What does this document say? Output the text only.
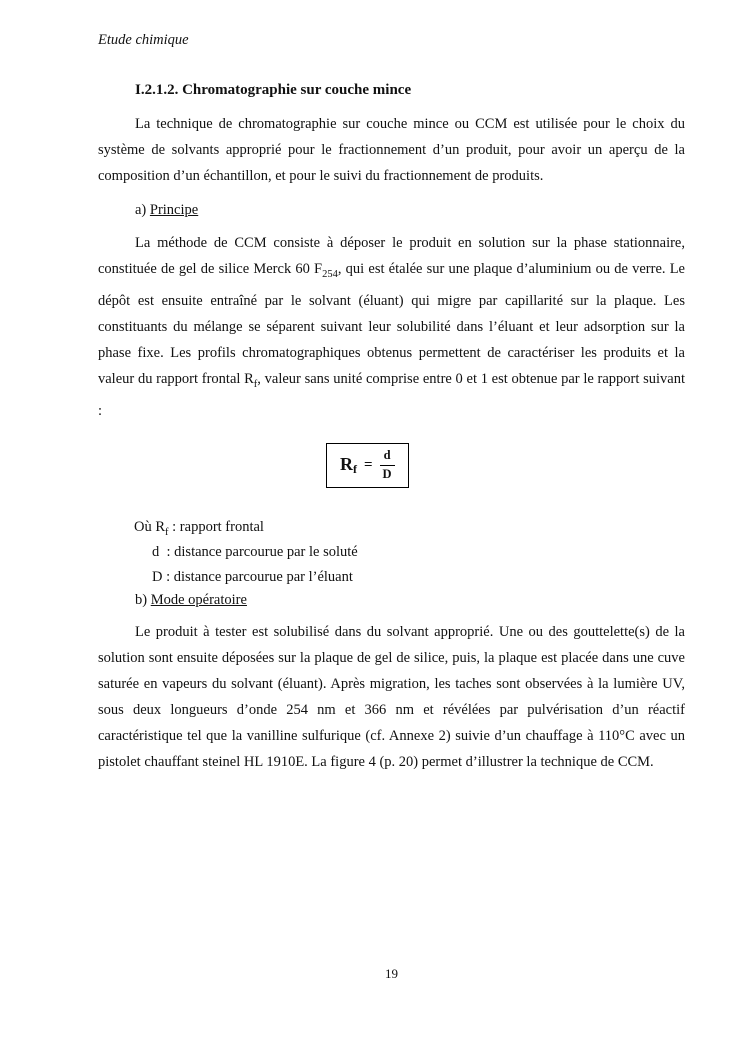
Etude chimique
I.2.1.2. Chromatographie sur couche mince

La technique de chromatographie sur couche mince ou CCM est utilisée pour le choix du système de solvants approprié pour le fractionnement d’un produit, pour avoir un aperçu de la composition d’un échantillon, et pour le suivi du fractionnement de produits.

a) Principe

La méthode de CCM consiste à déposer le produit en solution sur la phase stationnaire, constituée de gel de silice Merck 60 $F_{254}$, qui est étalée sur une plaque d’aluminium ou de verre. Le dépôt est ensuite entraîné par le solvant (éluant) qui migre par capillarité sur la plaque. Les constituants du mélange se séparent suivant leur solubilité dans l’éluant et leur adsorption sur la phase fixe. Les profils chromatographiques obtenus permettent de caractériser les produits et la valeur du rapport frontal $R_f$, valeur sans unité comprise entre 0 et 1 est obtenue par le rapport suivant :

$R_f = \frac{d}{D}$
Où $R_f$ : rapport frontal
d  : distance parcourue par le soluté
D : distance parcourue par l’éluant
b) Mode opératoire

Le produit à tester est solubilisé dans du solvant approprié. Une ou des gouttelette(s) de la solution sont ensuite déposées sur la plaque de gel de silice, puis, la plaque est placée dans une cuve saturée en vapeurs du solvant (éluant). Après migration, les taches sont observées à la lumière UV, sous deux longueurs d’onde 254 nm et 366 nm et révélées par pulvérisation d’un réactif caractéristique tel que la vanilline sulfurique (cf. Annexe 2) suivie d’un chauffage à 110°C avec un pistolet chauffant steinel HL 1910E. La figure 4 (p. 20) permet d’illustrer la technique de CCM.

19
